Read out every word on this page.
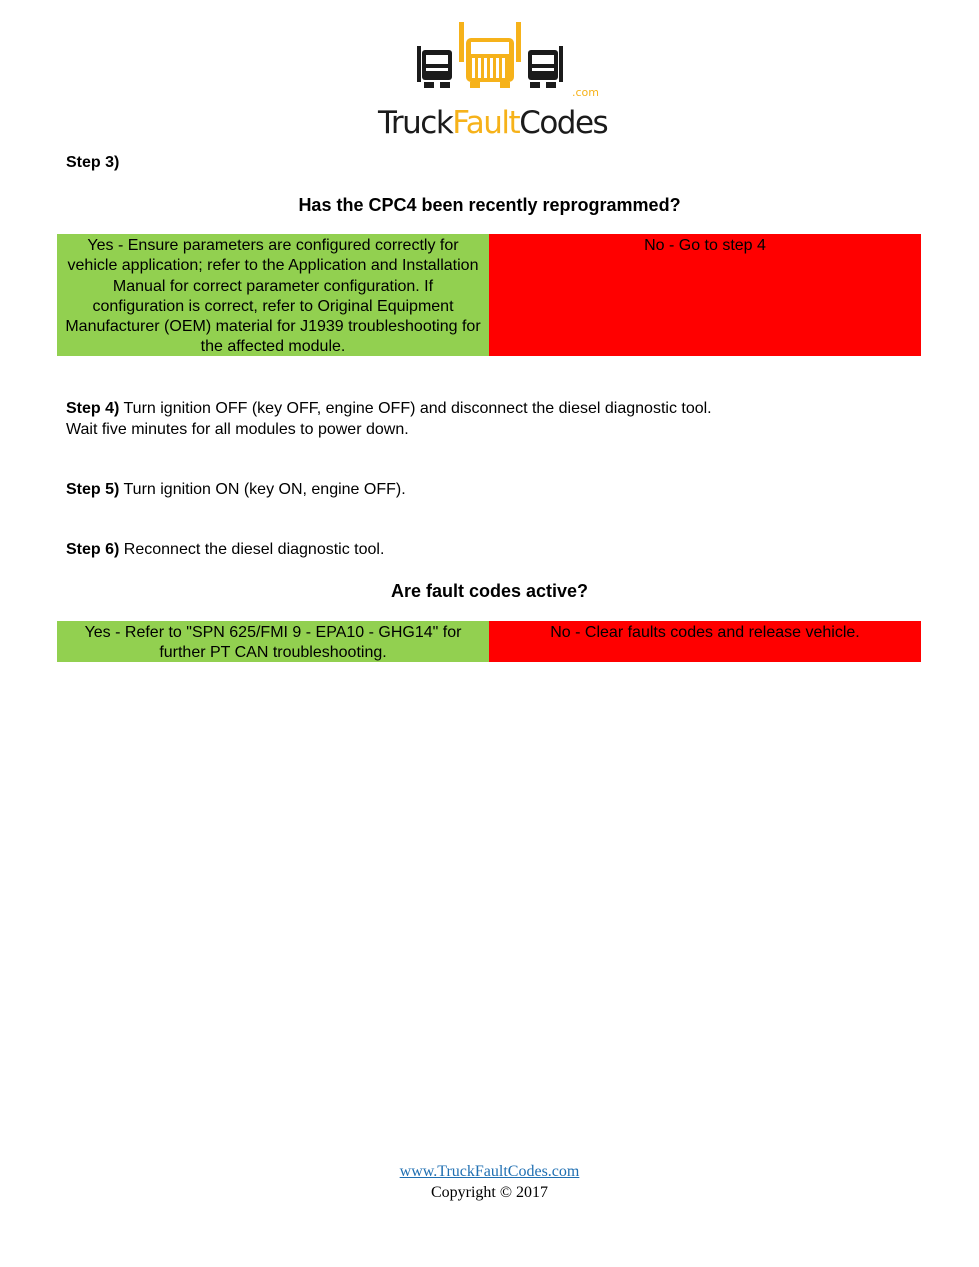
TruckFaultCodes
.com
Step 3)
Has the CPC4 been recently reprogrammed?
Yes - Ensure parameters are configured correctly for vehicle application; refer to the Application and Installation Manual for correct parameter configuration. If configuration is correct, refer to Original Equipment Manufacturer (OEM) material for J1939 troubleshooting for the affected module.
No - Go to step 4
Step 4) Turn ignition OFF (key OFF, engine OFF) and disconnect the diesel diagnostic tool.
Wait five minutes for all modules to power down.
Step 5) Turn ignition ON (key ON, engine OFF).
Step 6) Reconnect the diesel diagnostic tool.
Are fault codes active?
Yes - Refer to "SPN 625/FMI 9 - EPA10 - GHG14" for further PT CAN troubleshooting.
No - Clear faults codes and release vehicle.
www.TruckFaultCodes.com
Copyright © 2017
